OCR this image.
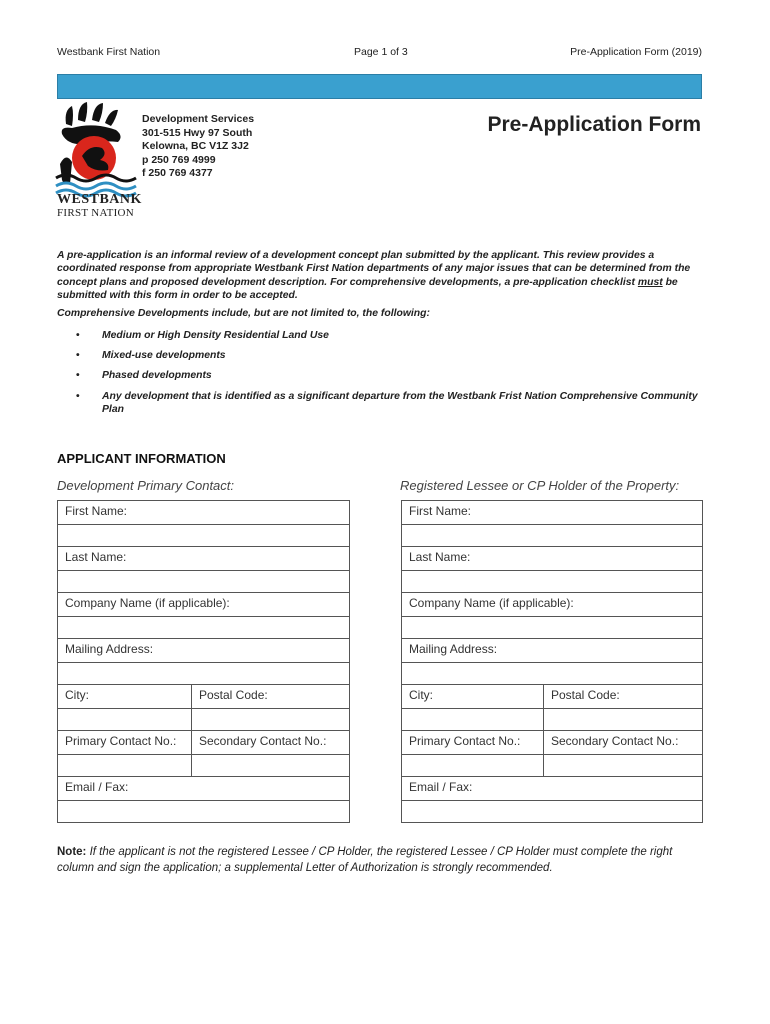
Westbank First Nation	Page 1 of 3	Pre-Application Form (2019)
WESTBANK
FIRST NATION
Development Services
301-515 Hwy 97 South
Kelowna, BC V1Z 3J2
p 250 769 4999
f 250 769 4377
Pre-Application Form
A pre-application is an informal review of a development concept plan submitted by the applicant. This review provides a coordinated response from appropriate Westbank First Nation departments of any major issues that can be determined from the concept plans and proposed development description. For comprehensive developments, a pre-application checklist must be submitted with this form in order to be accepted.
Comprehensive Developments include, but are not limited to, the following:
• Medium or High Density Residential Land Use
• Mixed-use developments
• Phased developments
• Any development that is identified as a significant departure from the Westbank Frist Nation Comprehensive Community Plan
APPLICANT INFORMATION
Development Primary Contact:	Registered Lessee or CP Holder of the Property:
First Name:	

Last Name:	

Company Name (if applicable):	

Mailing Address:	

City:	Postal Code:

Primary Contact No.:	Secondary Contact No.:

Email / Fax:	

First Name:	

Last Name:	

Company Name (if applicable):	

Mailing Address:	

City:	Postal Code:

Primary Contact No.:	Secondary Contact No.:

Email / Fax:	

Note: If the applicant is not the registered Lessee / CP Holder, the registered Lessee / CP Holder must complete the right column and sign the application; a supplemental Letter of Authorization is strongly recommended.
